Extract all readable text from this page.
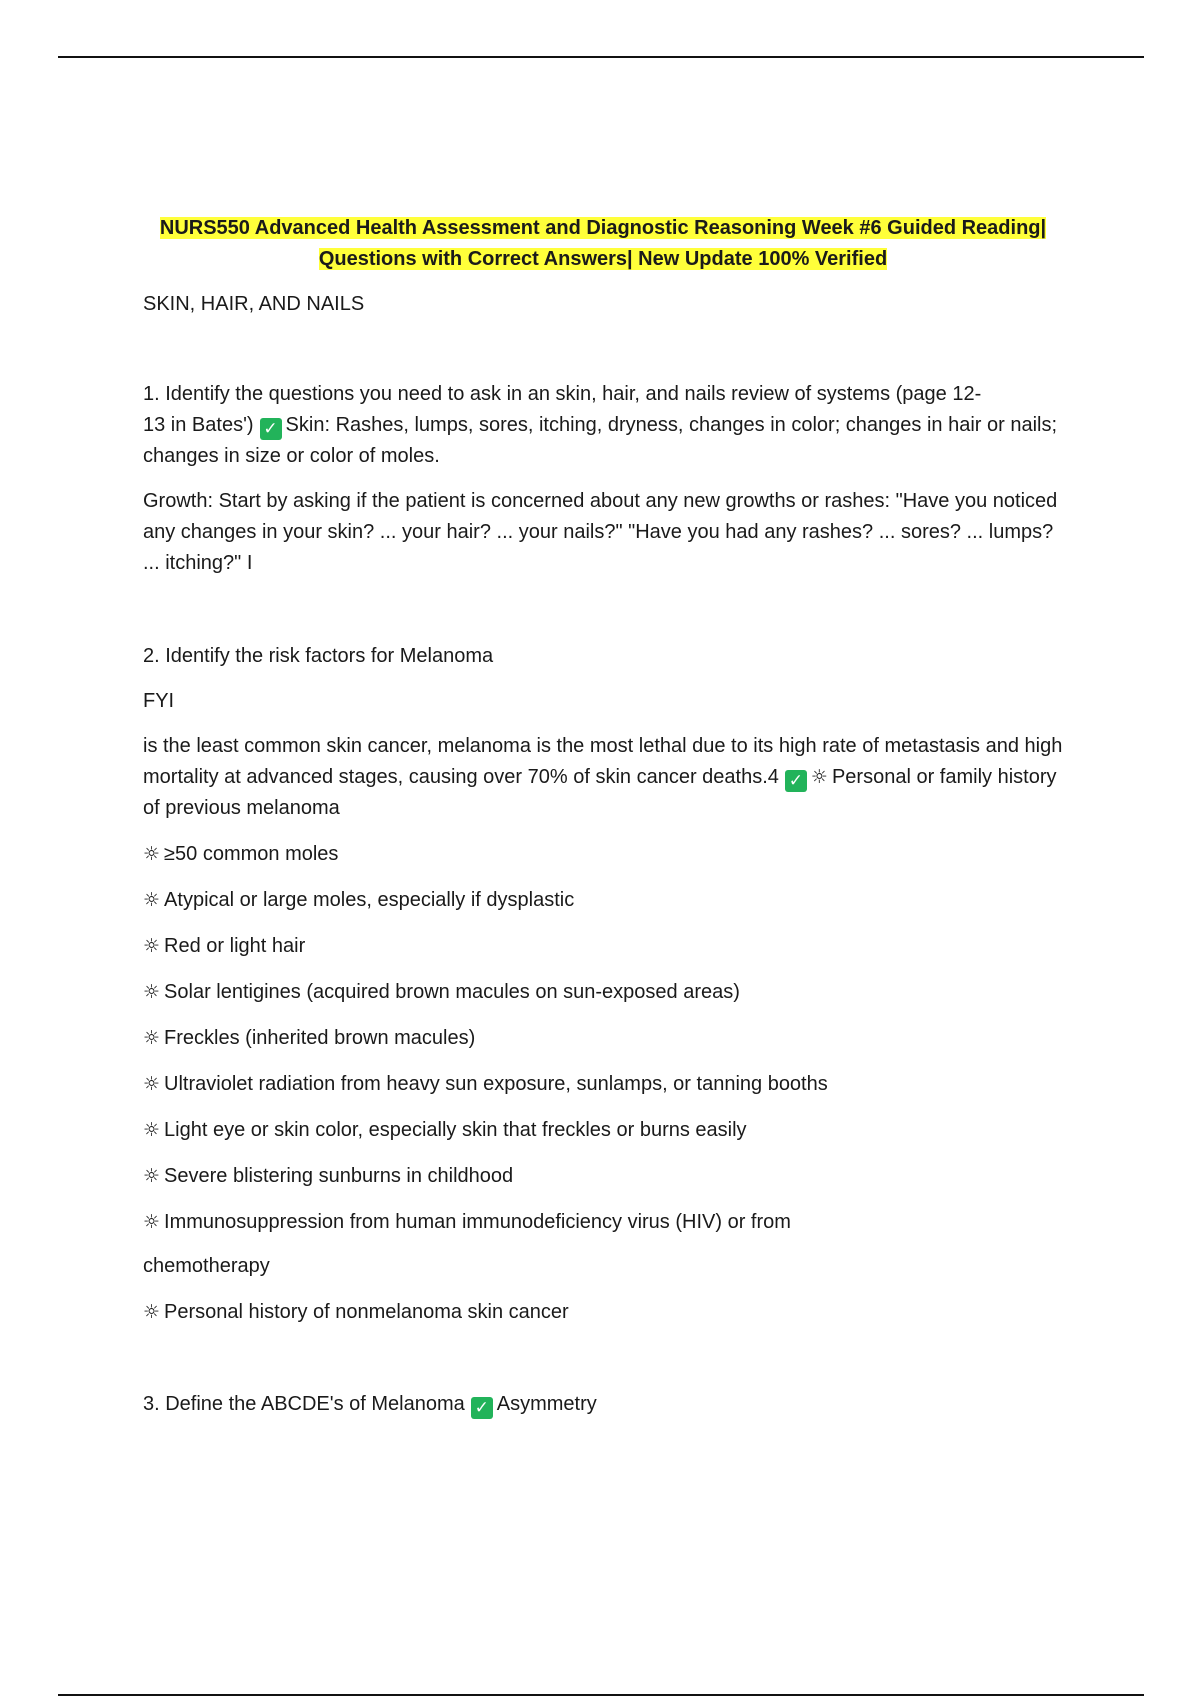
NURS550 Advanced Health Assessment and Diagnostic Reasoning Week #6 Guided Reading|
Questions with Correct Answers| New Update 100% Verified

SKIN, HAIR, AND NAILS

1. Identify the questions you need to ask in an skin, hair, and nails review of systems (page 12-
13 in Bates') ✓ Skin: Rashes, lumps, sores, itching, dryness, changes in color; changes in hair or nails; changes in size or color of moles.

Growth: Start by asking if the patient is concerned about any new growths or rashes: "Have you noticed any changes in your skin? ... your hair? ... your nails?" "Have you had any rashes? ... sores? ... lumps? ... itching?" I

2. Identify the risk factors for Melanoma

FYI

is the least common skin cancer, melanoma is the most lethal due to its high rate of metastasis and high mortality at advanced stages, causing over 70% of skin cancer deaths.4 ✓ ☼ Personal or family history of previous melanoma

☼ ≥50 common moles

☼ Atypical or large moles, especially if dysplastic

☼ Red or light hair

☼ Solar lentigines (acquired brown macules on sun-exposed areas)

☼ Freckles (inherited brown macules)

☼ Ultraviolet radiation from heavy sun exposure, sunlamps, or tanning booths

☼ Light eye or skin color, especially skin that freckles or burns easily

☼ Severe blistering sunburns in childhood

☼ Immunosuppression from human immunodeficiency virus (HIV) or from

chemotherapy

☼ Personal history of nonmelanoma skin cancer

3. Define the ABCDE's of Melanoma ✓ Asymmetry
